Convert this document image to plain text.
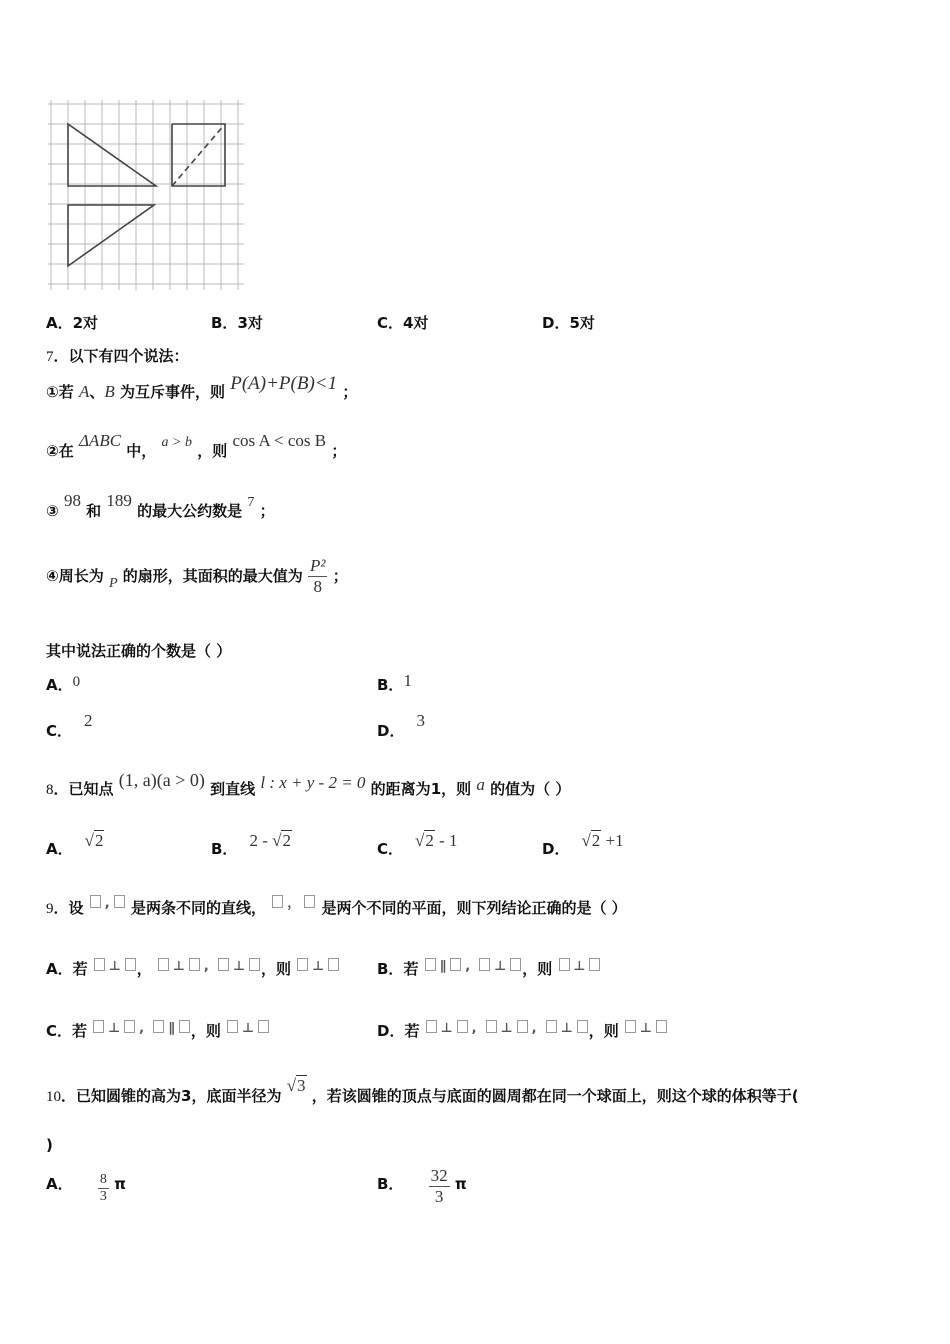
A．2对	B．3对	C．4对	D．5对
7．以下有四个说法：
①若 A、B 为互斥事件，则 P(A)+P(B)<1 ；
②在 ΔABC 中， a > b ，则 cos A < cos B ；
③ 98 和 189 的最大公约数是 7 ；
④周长为 P 的扇形，其面积的最大值为 $\frac{\text{P²}}{8}$ ；
其中说法正确的个数是（ ）
A．0	B．1
C．2
D．3
8．已知点 (1, a)(a > 0) 到直线 l : x + y - 2 = 0 的距离为1，则 a 的值为（ ）
A． √2	B． 2 - √2	C． √2 - 1	D． √2 +1
9．设 , 是两条不同的直线， ， 是两个不同的平面，则下列结论正确的是（ ）
A．若 ⊥ ， ⊥ , ⊥ ，则 ⊥	B．若 ∥ , ⊥ ，则 ⊥
C．若 ⊥ , ∥ ，则 ⊥	D．若 ⊥ , ⊥ , ⊥ ，则 ⊥
10．已知圆锥的高为3，底面半径为 √3 ，若该圆锥的顶点与底面的圆周都在同一个球面上，则这个球的体积等于(
)
A． $\frac{8}{3}$ π	B． $\frac{32}{3}$ π
